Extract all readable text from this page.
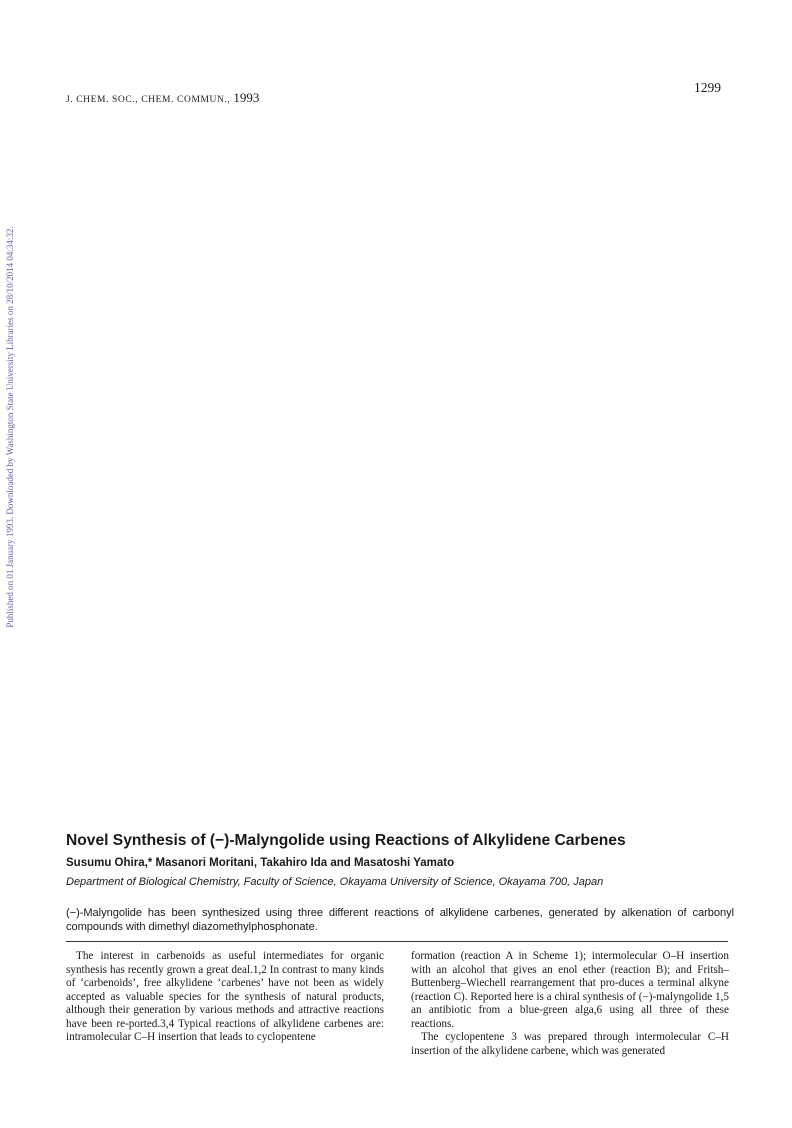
J. CHEM. SOC., CHEM. COMMUN., 1993
1299
Published on 01 January 1993. Downloaded by Washington State University Libraries on 28/10/2014 04:34:32.
Novel Synthesis of (−)-Malyngolide using Reactions of Alkylidene Carbenes

Susumu Ohira,* Masanori Moritani, Takahiro Ida and Masatoshi Yamato

Department of Biological Chemistry, Faculty of Science, Okayama University of Science, Okayama 700, Japan

(−)-Malyngolide has been synthesized using three different reactions of alkylidene carbenes, generated by alkenation of carbonyl compounds with dimethyl diazomethylphosphonate.

The interest in carbenoids as useful intermediates for organic synthesis has recently grown a great deal.1,2 In contrast to many kinds of ‘carbenoids’, free alkylidene ‘carbenes’ have not been as widely accepted as valuable species for the synthesis of natural products, although their generation by various methods and attractive reactions have been re-ported.3,4 Typical reactions of alkylidene carbenes are: intramolecular C–H insertion that leads to cyclopentene

formation (reaction A in Scheme 1); intermolecular O–H insertion with an alcohol that gives an enol ether (reaction B); and Fritsh–Buttenberg–Wiechell rearrangement that pro-duces a terminal alkyne (reaction C). Reported here is a chiral synthesis of (−)-malyngolide 1,5 an antibiotic from a blue-green alga,6 using all three of these reactions.

The cyclopentene 3 was prepared through intermolecular C–H insertion of the alkylidene carbene, which was generated
